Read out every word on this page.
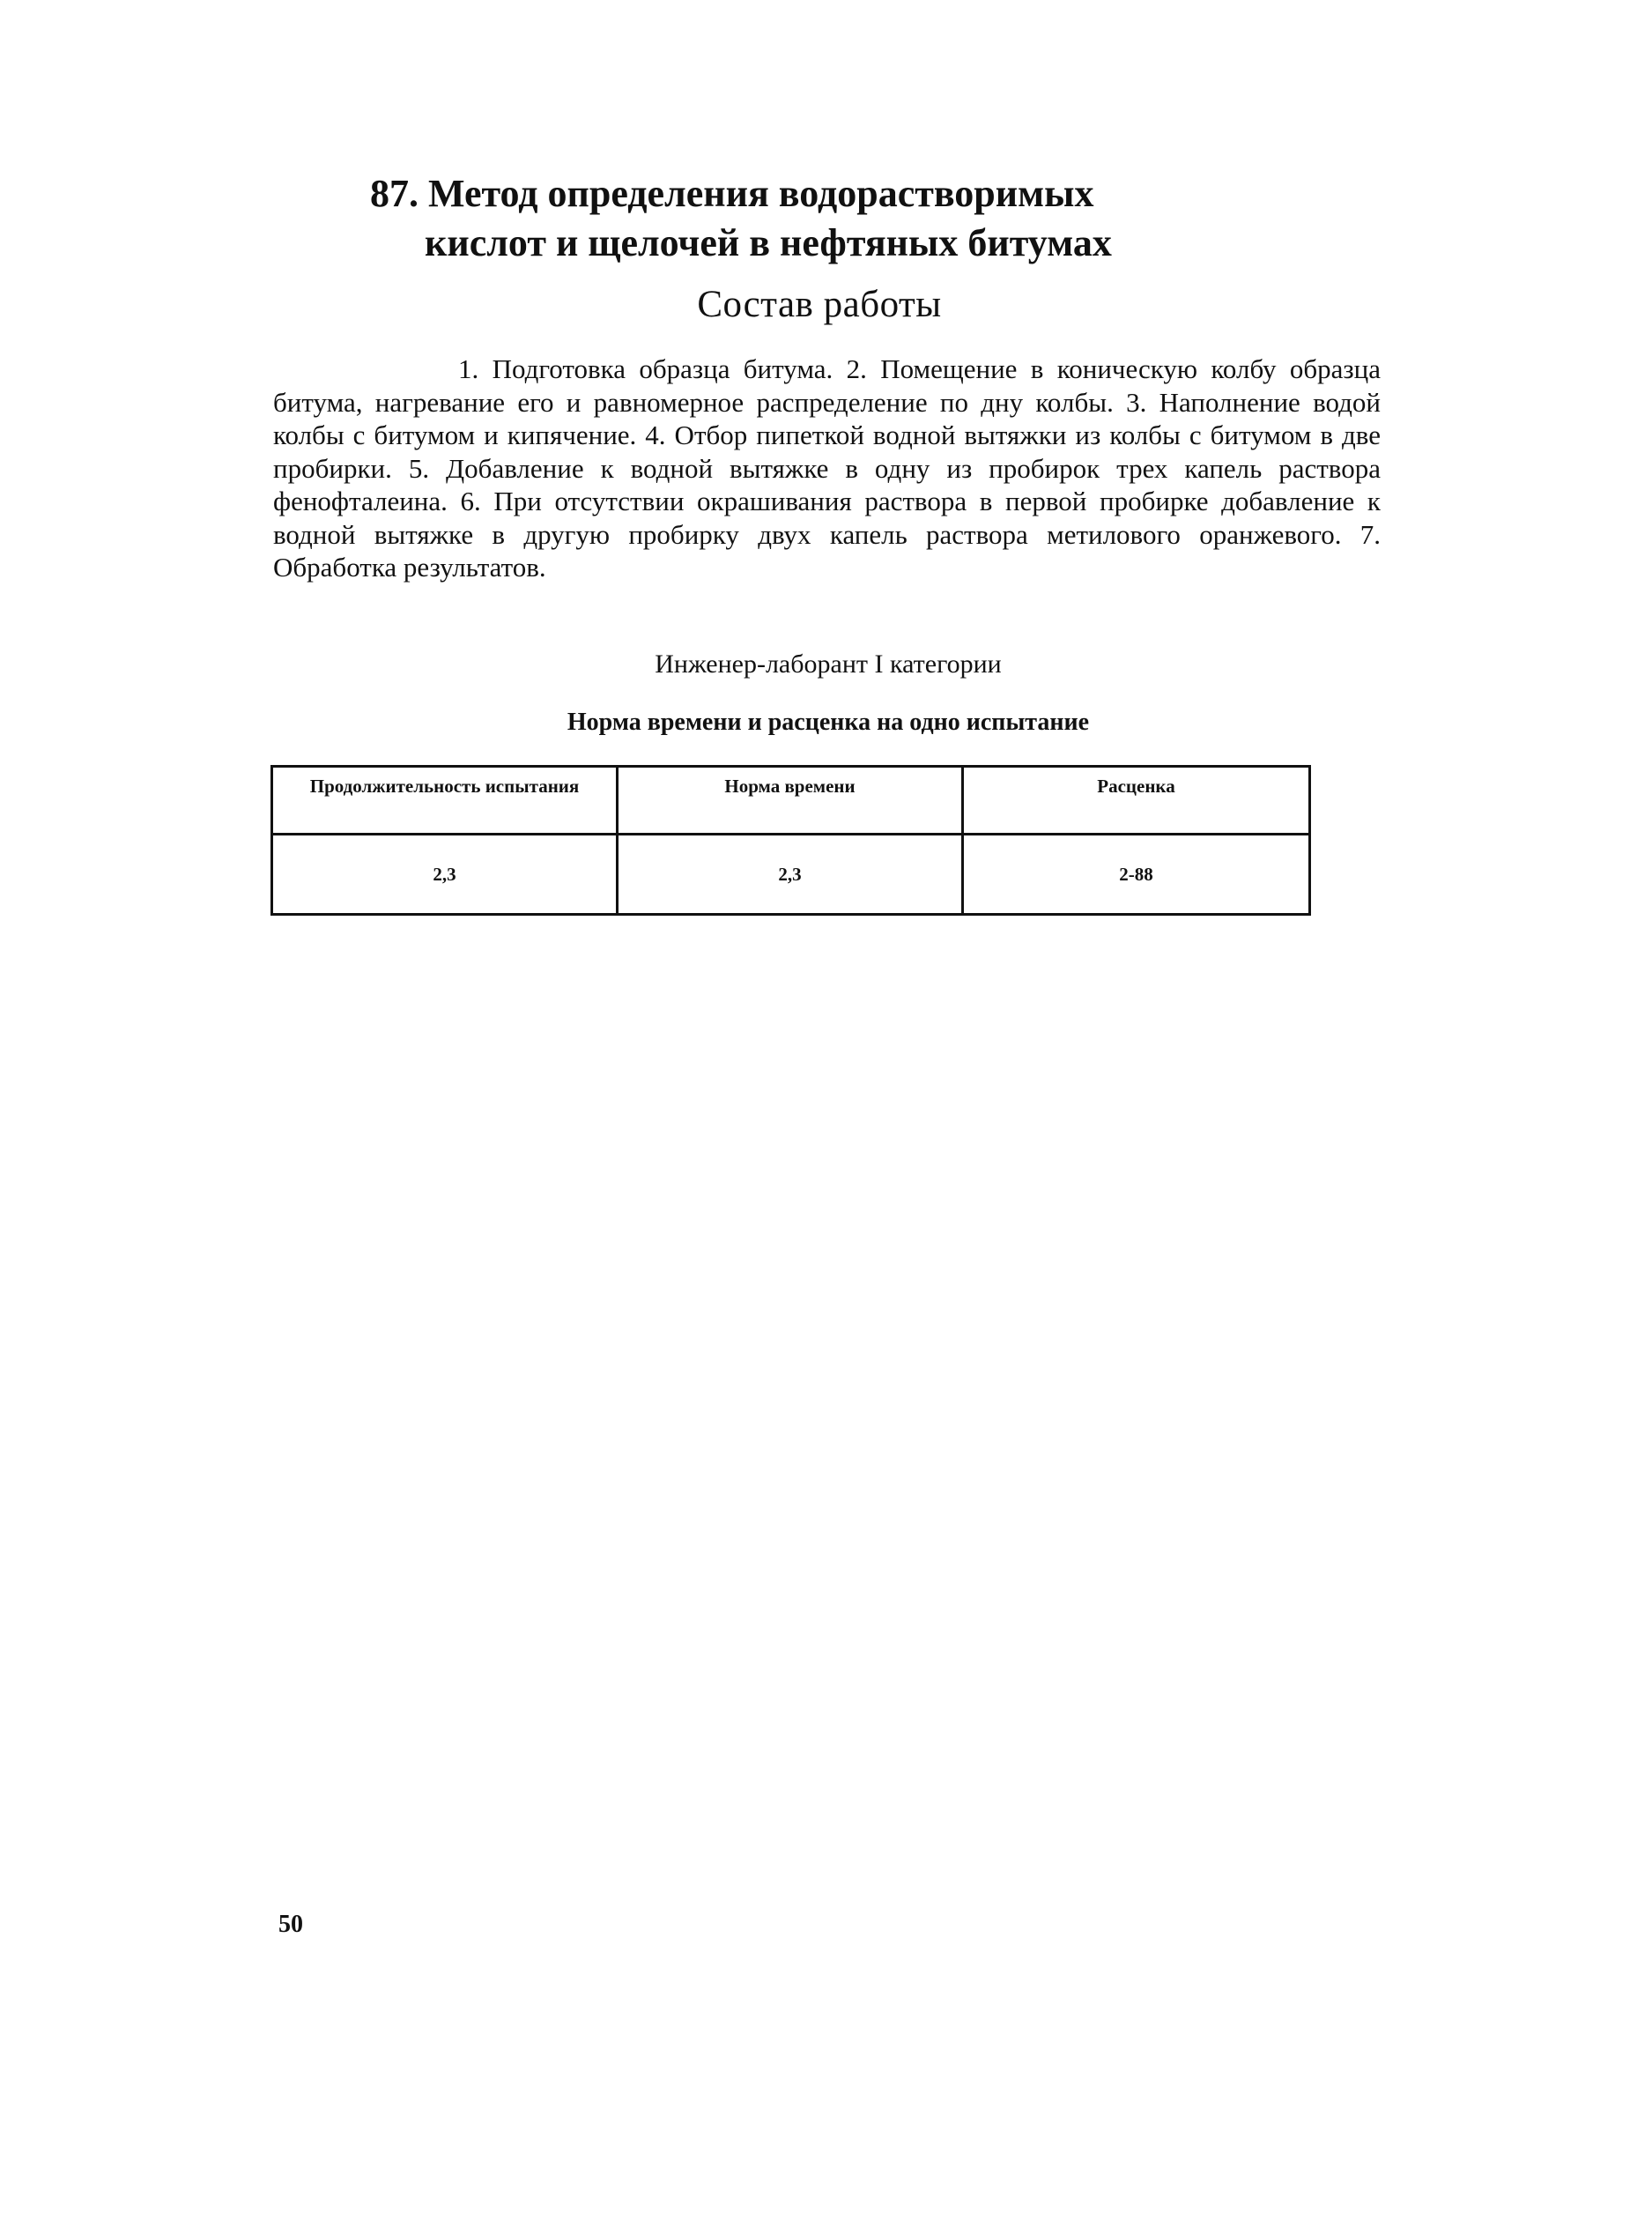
87. Метод определения водорастворимых
кислот и щелочей в нефтяных битумах
Состав работы

1. Подготовка образца битума. 2. Помещение в коническую колбу образца битума, нагревание его и равномерное распределение по дну колбы. 3. Наполнение водой колбы с битумом и кипячение. 4. Отбор пипеткой водной вытяжки из колбы с битумом в две пробирки. 5. Добавление к водной вытяжке в одну из пробирок трех капель раствора фенофталеина. 6. При отсутствии окрашивания раствора в первой пробирке добавление к водной вытяжке в другую пробирку двух капель раствора метилового оранжевого. 7. Обработка результатов.

Инженер-лаборант I категории

Норма времени и расценка на одно испытание

Продолжительность испытания	Норма времени	Расценка
2,3	2,3	2-88

50
